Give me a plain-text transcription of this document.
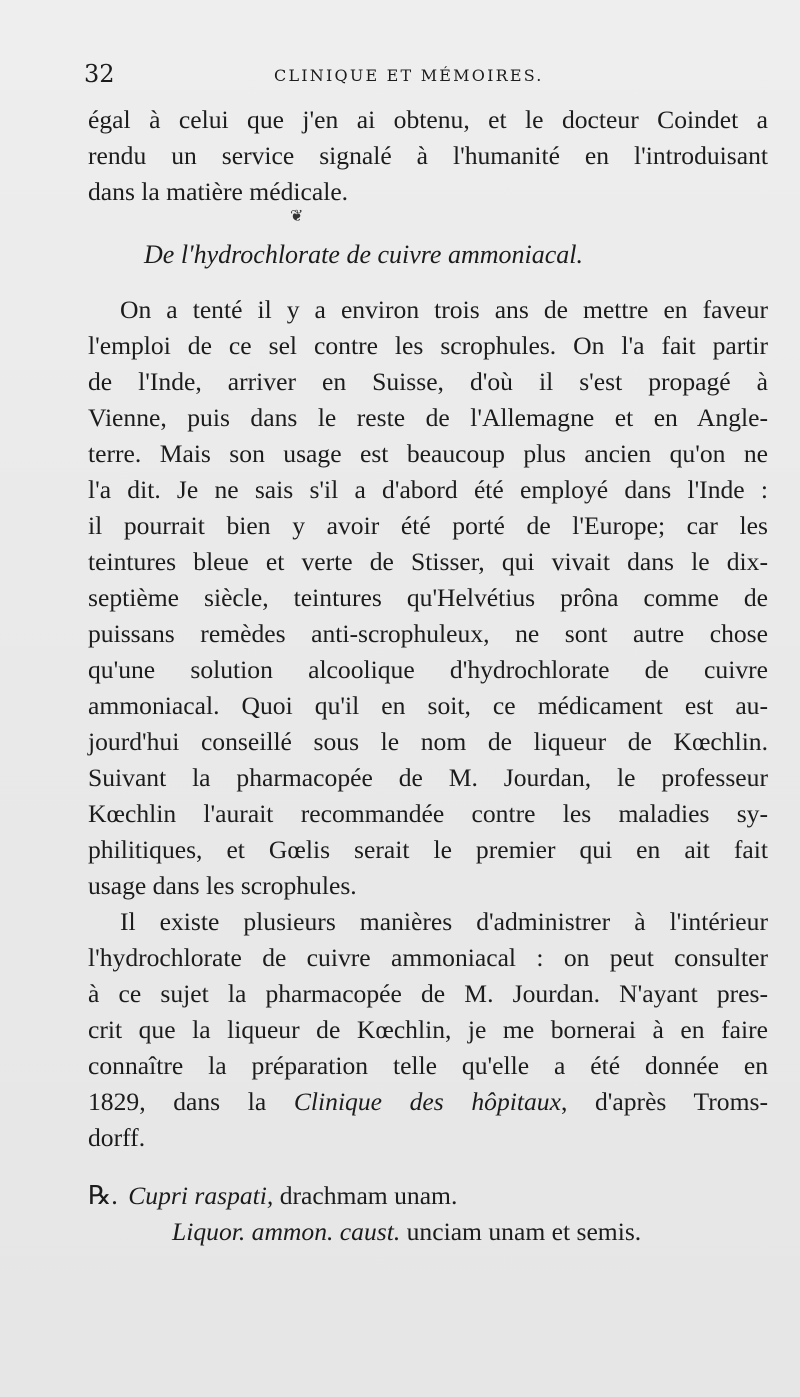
32	CLINIQUE ET MÉMOIRES.
❦
égal à celui que j'en ai obtenu, et le docteur Coindet a
rendu un service signalé à l'humanité en l'introduisant
dans la matière médicale.
De l'hydrochlorate de cuivre ammoniacal.
On a tenté il y a environ trois ans de mettre en faveur
l'emploi de ce sel contre les scrophules. On l'a fait partir
de l'Inde, arriver en Suisse, d'où il s'est propagé à
Vienne, puis dans le reste de l'Allemagne et en Angle-
terre. Mais son usage est beaucoup plus ancien qu'on ne
l'a dit. Je ne sais s'il a d'abord été employé dans l'Inde :
il pourrait bien y avoir été porté de l'Europe; car les
teintures bleue et verte de Stisser, qui vivait dans le dix-
septième siècle, teintures qu'Helvétius prôna comme de
puissans remèdes anti-scrophuleux, ne sont autre chose
qu'une solution alcoolique d'hydrochlorate de cuivre
ammoniacal. Quoi qu'il en soit, ce médicament est au-
jourd'hui conseillé sous le nom de liqueur de Kœchlin.
Suivant la pharmacopée de M. Jourdan, le professeur
Kœchlin l'aurait recommandée contre les maladies sy-
philitiques, et Gœlis serait le premier qui en ait fait
usage dans les scrophules.
Il existe plusieurs manières d'administrer à l'intérieur
l'hydrochlorate de cuivre ammoniacal : on peut consulter
à ce sujet la pharmacopée de M. Jourdan. N'ayant pres-
crit que la liqueur de Kœchlin, je me bornerai à en faire
connaître la préparation telle qu'elle a été donnée en
1829, dans la Clinique des hôpitaux, d'après Troms-
dorff.
℞. Cupri raspati, drachmam unam.
Liquor. ammon. caust. unciam unam et semis.
